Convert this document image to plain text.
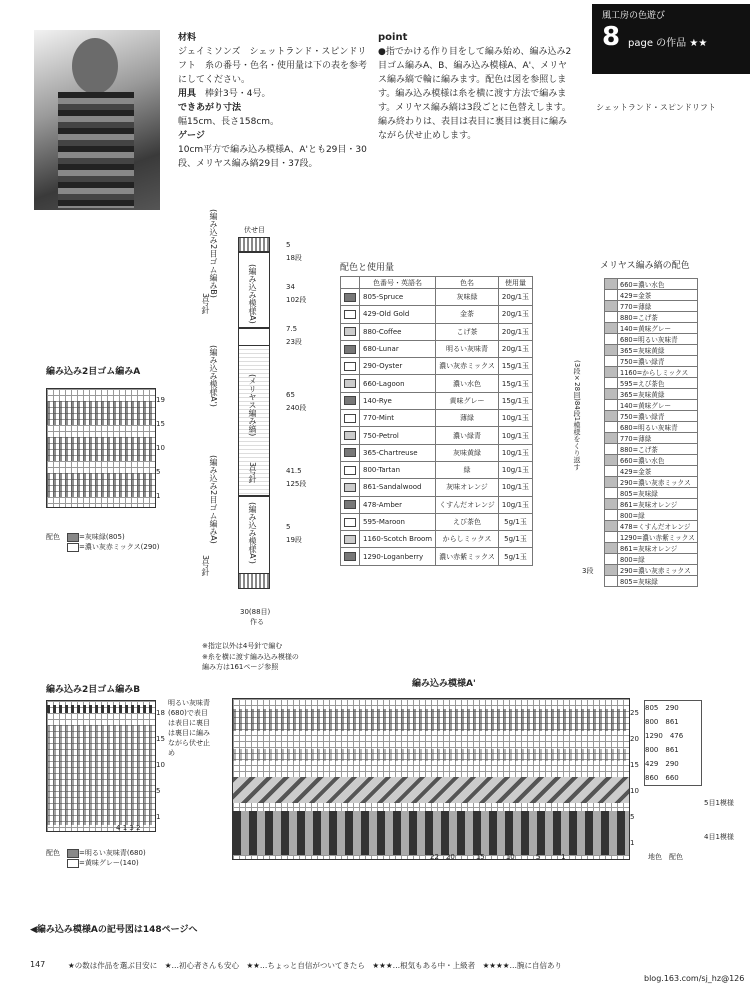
材料
ジェイミソンズ　シェットランド・スピンドリフト　糸の番号・色名・使用量は下の表を参考にしてください。
用具　 棒針3号・4号。
できあがり寸法
幅15cm、長さ158cm。
ゲージ
10cm平方で編み込み模様A、A'とも29目・30段、メリヤス編み縞29目・37段。
point
●指でかける作り目をして編み始め、編み込み2目ゴム編みA、B、編み込み模様A、A'、メリヤス編み縞で輪に編みます。配色は図を参照します。編み込み模様は糸を横に渡す方法で編みます。メリヤス編み縞は3段ごとに色替えします。編み終わりは、表目は表目に裏目は裏目に編みながら伏せ止めします。
風工房の色遊び
8 page の作品 ★★
シェットランド・スピンドリフト
伏せ目
(編み込み2目ゴム編みB)
3号針	(編み込み模様A)
(メリヤス編み縞)
3号針
(編み込み模様A')
(編み込み模様A')
(編み込み2目ゴム編みA)
3号針
5
18段
34
102段
7.5
23段
65
240段
41.5
125段
5
19段
30(88目)
作る
※指定以外は4号針で編む
※糸を横に渡す編み込み模様の
編み方は161ページ参照
配色と使用量
	色番号・英語名	色名	使用量
	805-Spruce	灰味緑	20g/1玉
	429-Old Gold	金茶	20g/1玉
	880-Coffee	こげ茶	20g/1玉
	680-Lunar	明るい灰味青	20g/1玉
	290-Oyster	濃い灰赤ミックス	15g/1玉
	660-Lagoon	濃い水色	15g/1玉
	140-Rye	黄味グレー	15g/1玉
	770-Mint	薄緑	10g/1玉
	750-Petrol	濃い緑青	10g/1玉
	365-Chartreuse	灰味黄緑	10g/1玉
	800-Tartan	緑	10g/1玉
	861-Sandalwood	灰味オレンジ	10g/1玉
	478-Amber	くすんだオレンジ	10g/1玉
	595-Maroon	えび茶色	5g/1玉
	1160-Scotch Broom	からしミックス	5g/1玉
	1290-Loganberry	濃い赤紫ミックス	5g/1玉
メリヤス編み縞の配色
(3段×28回)84段1模様をくり返す
3段
	660=濃い水色
	429=金茶
	770=薄緑
	880=こげ茶
	140=黄味グレー
	680=明るい灰味青
	365=灰味黄緑
	750=濃い緑青
	1160=からしミックス
	595=えび茶色
	365=灰味黄緑
	140=黄味グレー
	750=濃い緑青
	680=明るい灰味青
	770=薄緑
	880=こげ茶
	660=濃い水色
	429=金茶
	290=濃い灰赤ミックス
	805=灰味緑
	861=灰味オレンジ
	800=緑
	478=くすんだオレンジ
	1290=濃い赤紫ミックス
	861=灰味オレンジ
	800=緑
	290=濃い灰赤ミックス
	805=灰味緑
編み込み2目ゴム編みA
19
15
10
5
1
配色　	=灰味緑(805)
　　　=濃い灰赤ミックス(290)
編み込み2目ゴム編みB
18
15
10
5
1
明るい灰味青(680)で表目は表目に裏目は裏目に編みながら伏せ止め
4 1 3 2
配色　	=明るい灰味青(680)
　　　=黄味グレー(140)
編み込み模様A'
25
20
15
10
5
1
805　 290
800　 861
1290　 476
800　 861
429　 290
860　 660
5目1模様
4目1模様
22　 20　　　	15　　　	10　　　	5　　　	1	地色　 配色
◀編み込み模様Aの記号図は148ページへ
147	★の数は作品を選ぶ目安に　★…初心者さんも安心　★★…ちょっと自信がついてきたら　★★★…根気もある中・上級者　★★★★…腕に自信あり
blog.163.com/sj_hz@126
